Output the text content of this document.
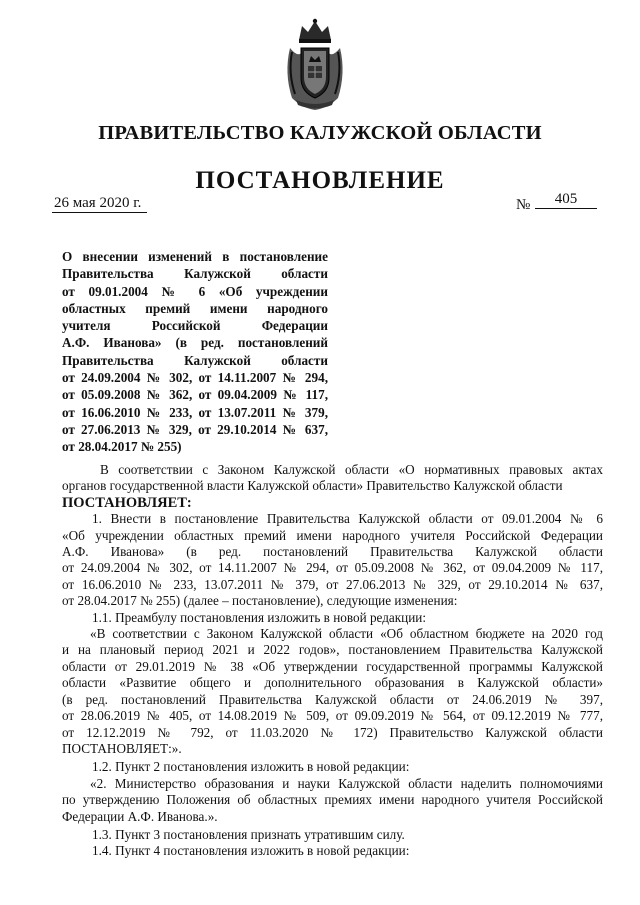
ПРАВИТЕЛЬСТВО КАЛУЖСКОЙ ОБЛАСТИ
ПОСТАНОВЛЕНИЕ
26 мая 2020 г.	№	405
О внесении изменений в постановление
Правительства Калужской области
от 09.01.2004 № 6 «Об учреждении
областных премий имени народного
учителя Российской Федерации
А.Ф. Иванова» (в ред. постановлений
Правительства Калужской области
от 24.09.2004 № 302, от 14.11.2007 № 294,
от 05.09.2008 № 362, от 09.04.2009 № 117,
от 16.06.2010 № 233, от 13.07.2011 № 379,
от 27.06.2013 № 329, от 29.10.2014 № 637,
от 28.04.2017 № 255)
В соответствии с Законом Калужской области «О нормативных правовых актах
органов государственной власти Калужской области» Правительство Калужской области
ПОСТАНОВЛЯЕТ:
1. Внести в постановление Правительства Калужской области от 09.01.2004 № 6
«Об учреждении областных премий имени народного учителя Российской Федерации
А.Ф. Иванова» (в ред. постановлений Правительства Калужской области
от 24.09.2004 № 302, от 14.11.2007 № 294, от 05.09.2008 № 362, от 09.04.2009 № 117,
от 16.06.2010 № 233, 13.07.2011 № 379, от 27.06.2013 № 329, от 29.10.2014 № 637,
от 28.04.2017 № 255) (далее – постановление), следующие изменения:
1.1. Преамбулу постановления изложить в новой редакции:
«В соответствии с Законом Калужской области «Об областном бюджете на 2020 год
и на плановый период 2021 и 2022 годов», постановлением Правительства Калужской
области от 29.01.2019 № 38 «Об утверждении государственной программы Калужской
области «Развитие общего и дополнительного образования в Калужской области»
(в ред. постановлений Правительства Калужской области от 24.06.2019 № 397,
от 28.06.2019 № 405, от 14.08.2019 № 509, от 09.09.2019 № 564, от 09.12.2019 № 777,
от 12.12.2019 № 792, от 11.03.2020 № 172) Правительство Калужской области
ПОСТАНОВЛЯЕТ:».
1.2. Пункт 2 постановления изложить в новой редакции:
«2. Министерство образования и науки Калужской области наделить полномочиями
по утверждению Положения об областных премиях имени народного учителя Российской
Федерации А.Ф. Иванова.».
1.3. Пункт 3 постановления признать утратившим силу.
1.4. Пункт 4 постановления изложить в новой редакции:
